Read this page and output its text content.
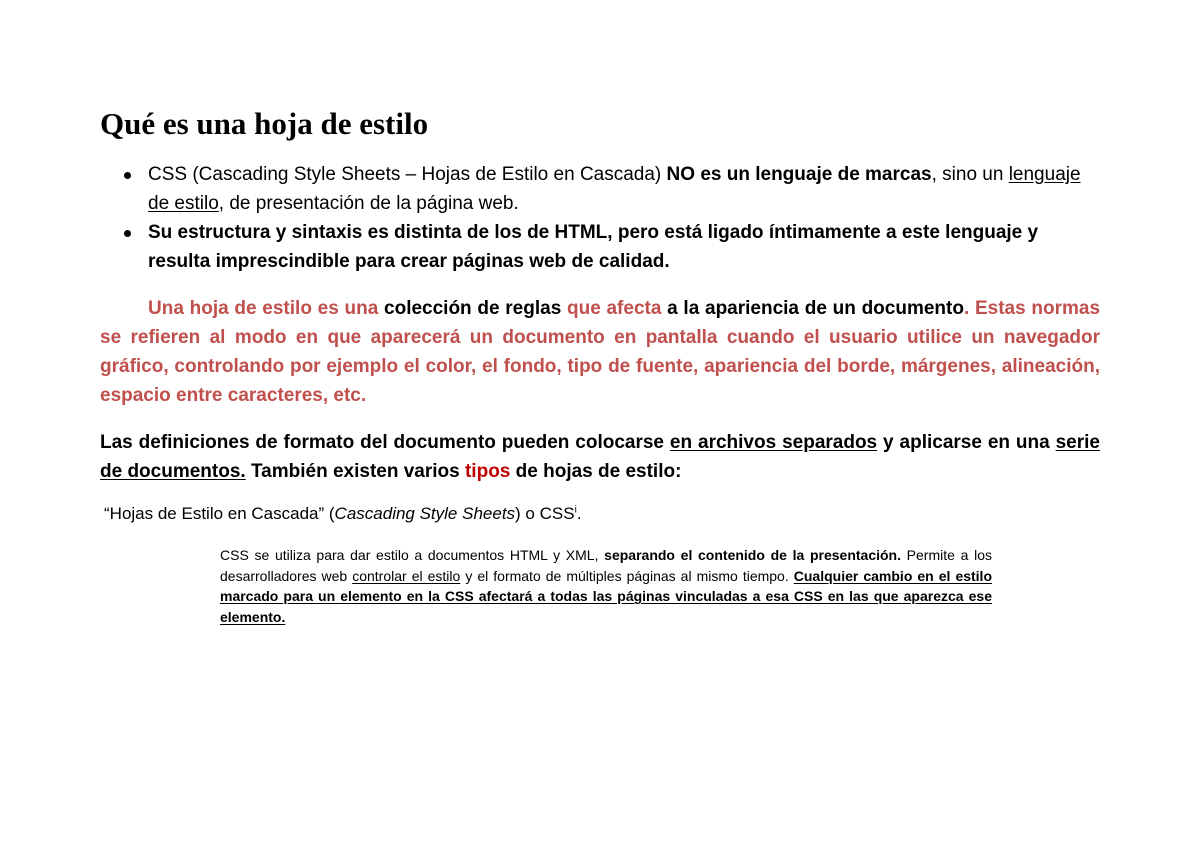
Qué es una hoja de estilo
CSS (Cascading Style Sheets – Hojas de Estilo en Cascada) NO es un lenguaje de marcas, sino un lenguaje de estilo, de presentación de la página web.
Su estructura y sintaxis es distinta de los de HTML, pero está ligado íntimamente a este lenguaje y resulta imprescindible para crear páginas web de calidad.

Una hoja de estilo es una colección de reglas que afecta a la apariencia de un documento. Estas normas se refieren al modo en que aparecerá un documento en pantalla cuando el usuario utilice un navegador gráfico, controlando por ejemplo el color, el fondo, tipo de fuente, apariencia del borde, márgenes, alineación, espacio entre caracteres, etc.

Las definiciones de formato del documento pueden colocarse en archivos separados y aplicarse en una serie de documentos. También existen varios tipos de hojas de estilo:

“Hojas de Estilo en Cascada” (Cascading Style Sheets) o CSS$^i$.

CSS se utiliza para dar estilo a documentos HTML y XML, separando el contenido de la presentación. Permite a los desarrolladores web controlar el estilo y el formato de múltiples páginas al mismo tiempo. Cualquier cambio en el estilo marcado para un elemento en la CSS afectará a todas las páginas vinculadas a esa CSS en las que aparezca ese elemento.
